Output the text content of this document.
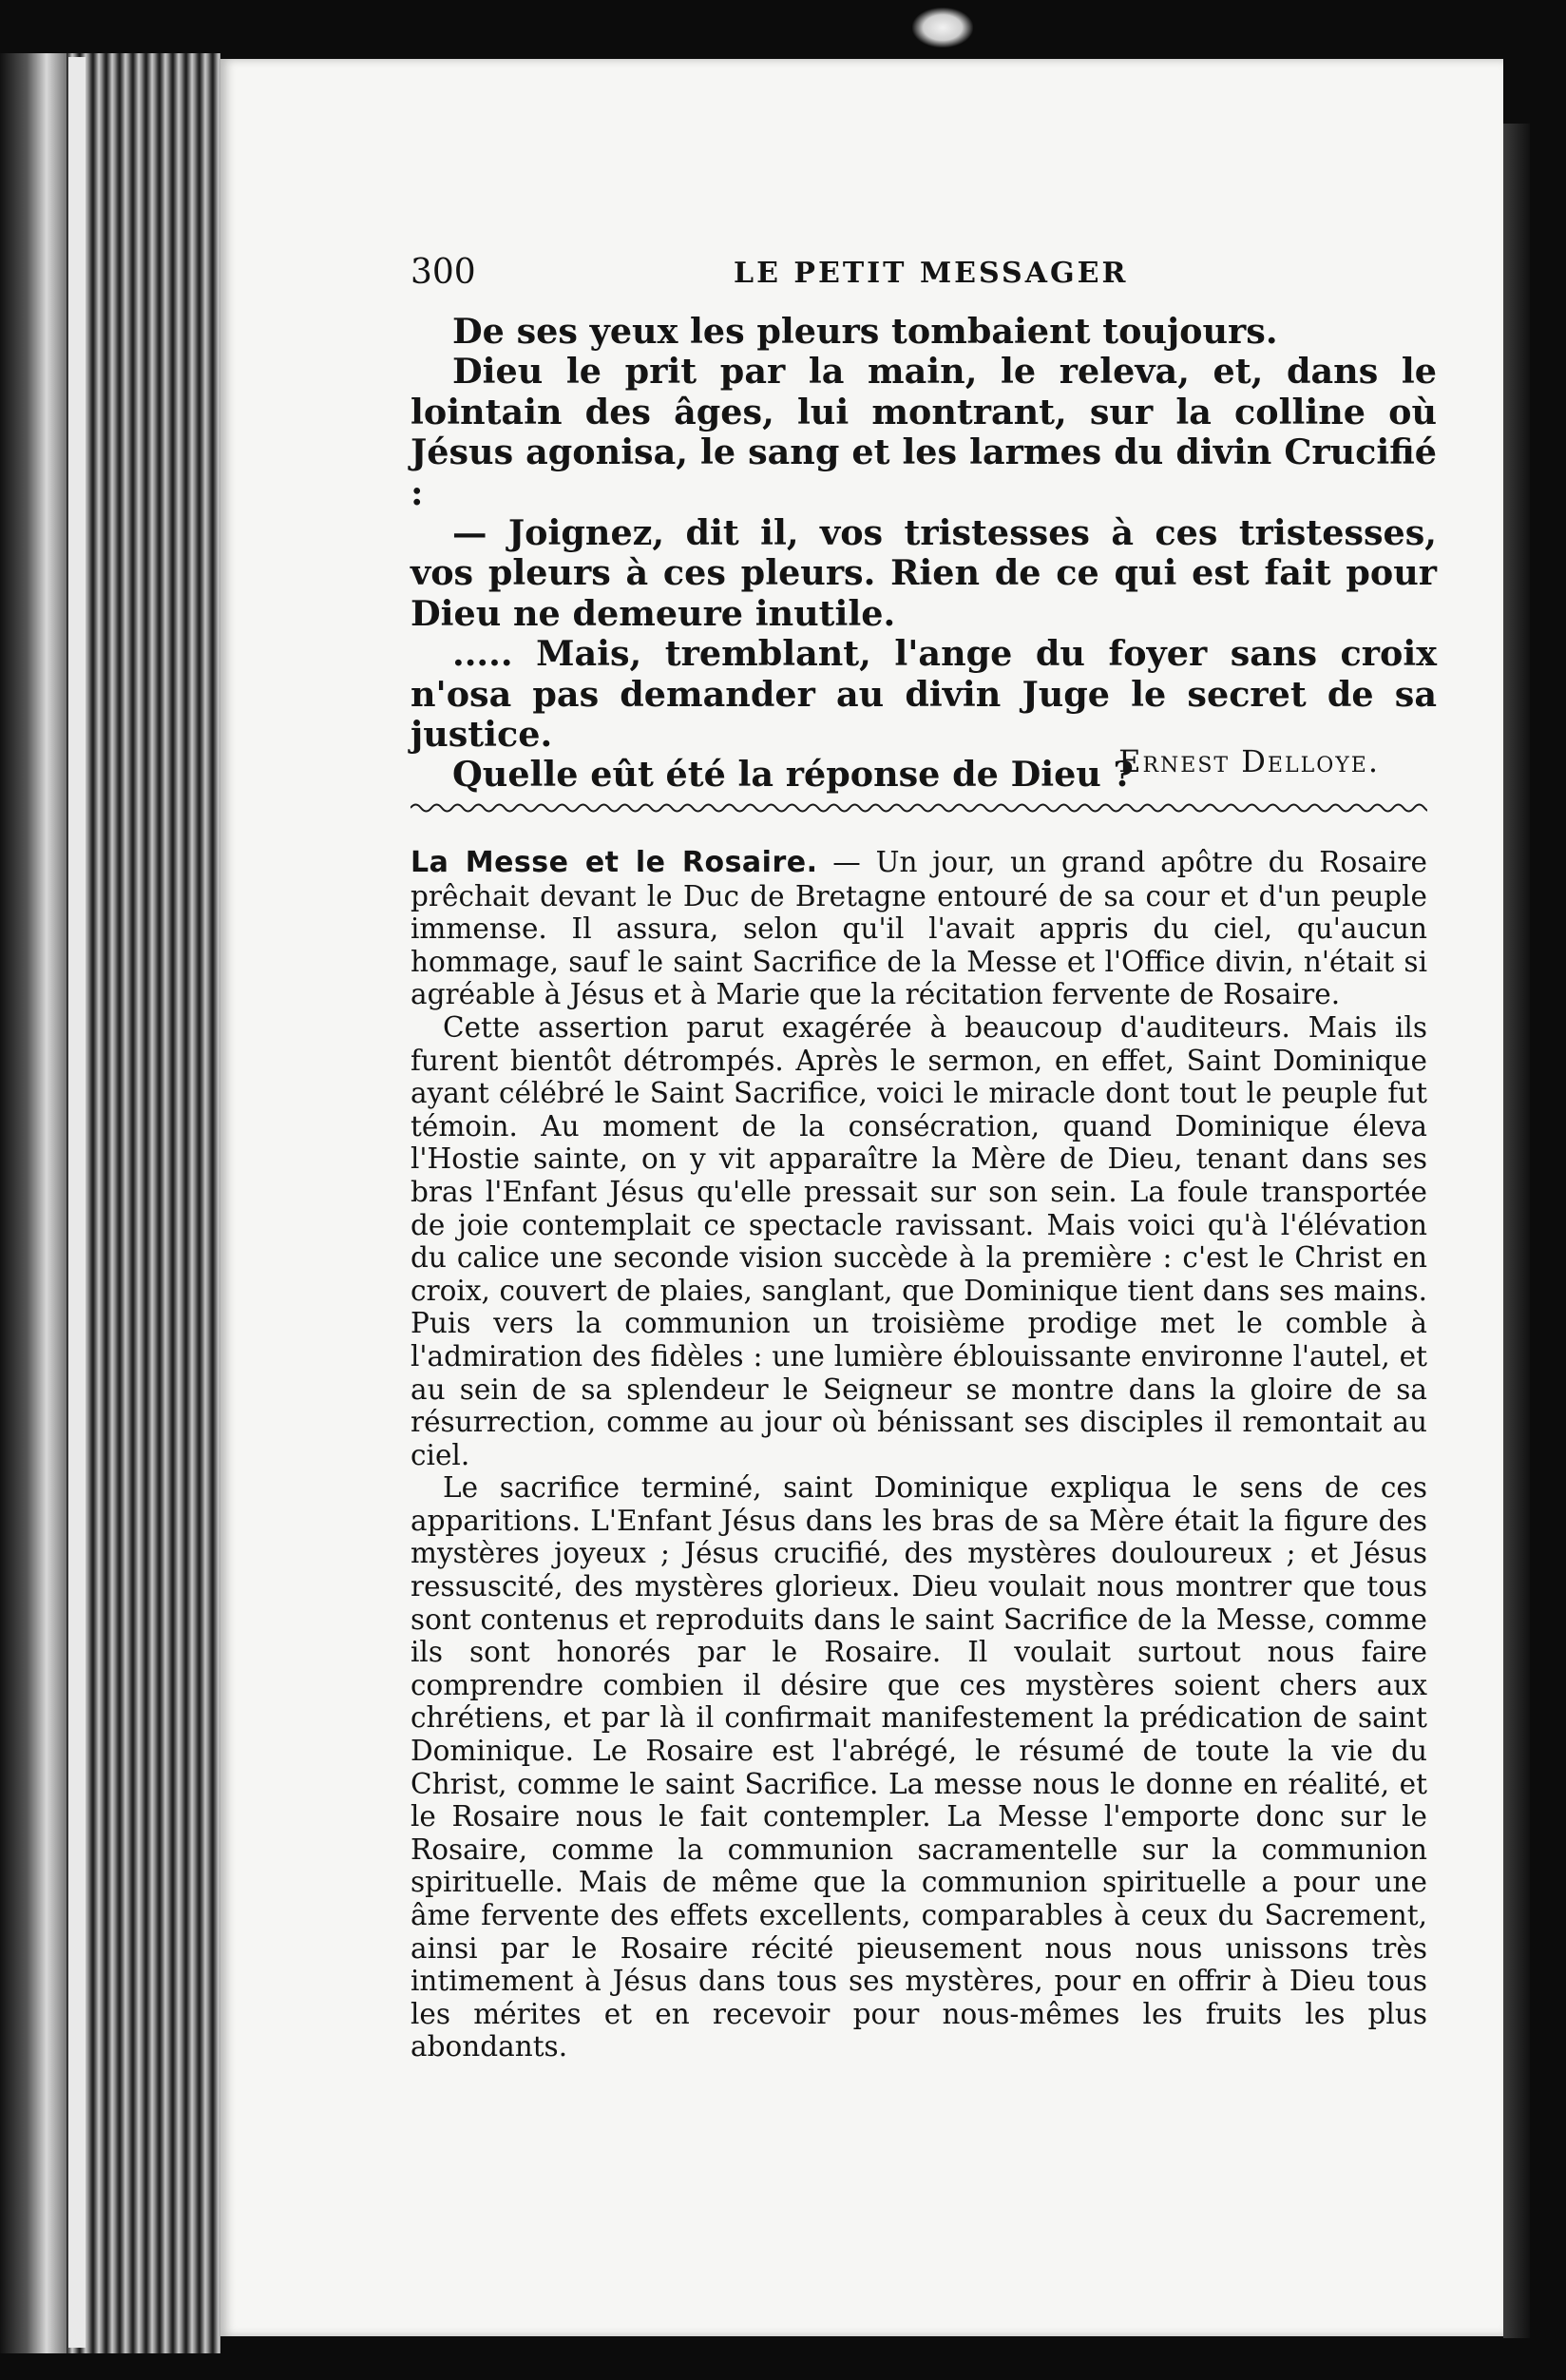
300	LE PETIT MESSAGER

De ses yeux les pleurs tombaient toujours.

Dieu le prit par la main, le releva, et, dans le lointain des âges, lui montrant, sur la colline où Jésus agonisa, le sang et les larmes du divin Crucifié :

— Joignez, dit il, vos tristesses à ces tristesses, vos pleurs à ces pleurs. Rien de ce qui est fait pour Dieu ne demeure inutile.

..... Mais, tremblant, l'ange du foyer sans croix n'osa pas demander au divin Juge le secret de sa justice.

Quelle eût été la réponse de Dieu ?

Ernest Delloye.

La Messe et le Rosaire. — Un jour, un grand apôtre du Rosaire prêchait devant le Duc de Bretagne entouré de sa cour et d'un peuple immense. Il assura, selon qu'il l'avait appris du ciel, qu'aucun hommage, sauf le saint Sacrifice de la Messe et l'Office divin, n'était si agréable à Jésus et à Marie que la récitation fervente de Rosaire.

Cette assertion parut exagérée à beaucoup d'auditeurs. Mais ils furent bientôt détrompés. Après le sermon, en effet, Saint Dominique ayant célébré le Saint Sacrifice, voici le miracle dont tout le peuple fut témoin. Au moment de la consécration, quand Dominique éleva l'Hostie sainte, on y vit apparaître la Mère de Dieu, tenant dans ses bras l'Enfant Jésus qu'elle pressait sur son sein. La foule transportée de joie contemplait ce spectacle ravissant. Mais voici qu'à l'élévation du calice une seconde vision succède à la première : c'est le Christ en croix, couvert de plaies, sanglant, que Dominique tient dans ses mains. Puis vers la communion un troisième prodige met le comble à l'admiration des fidèles : une lumière éblouissante environne l'autel, et au sein de sa splendeur le Seigneur se montre dans la gloire de sa résurrection, comme au jour où bénissant ses disciples il remontait au ciel.

Le sacrifice terminé, saint Dominique expliqua le sens de ces apparitions. L'Enfant Jésus dans les bras de sa Mère était la figure des mystères joyeux ; Jésus crucifié, des mystères douloureux ; et Jésus ressuscité, des mystères glorieux. Dieu voulait nous montrer que tous sont contenus et reproduits dans le saint Sacrifice de la Messe, comme ils sont honorés par le Rosaire. Il voulait surtout nous faire comprendre combien il désire que ces mystères soient chers aux chrétiens, et par là il confirmait manifestement la prédication de saint Dominique. Le Rosaire est l'abrégé, le résumé de toute la vie du Christ, comme le saint Sacrifice. La messe nous le donne en réalité, et le Rosaire nous le fait contempler. La Messe l'emporte donc sur le Rosaire, comme la communion sacramentelle sur la communion spirituelle. Mais de même que la communion spirituelle a pour une âme fervente des effets excellents, comparables à ceux du Sacrement, ainsi par le Rosaire récité pieusement nous nous unissons très intimement à Jésus dans tous ses mystères, pour en offrir à Dieu tous les mérites et en recevoir pour nous-mêmes les fruits les plus abondants.
